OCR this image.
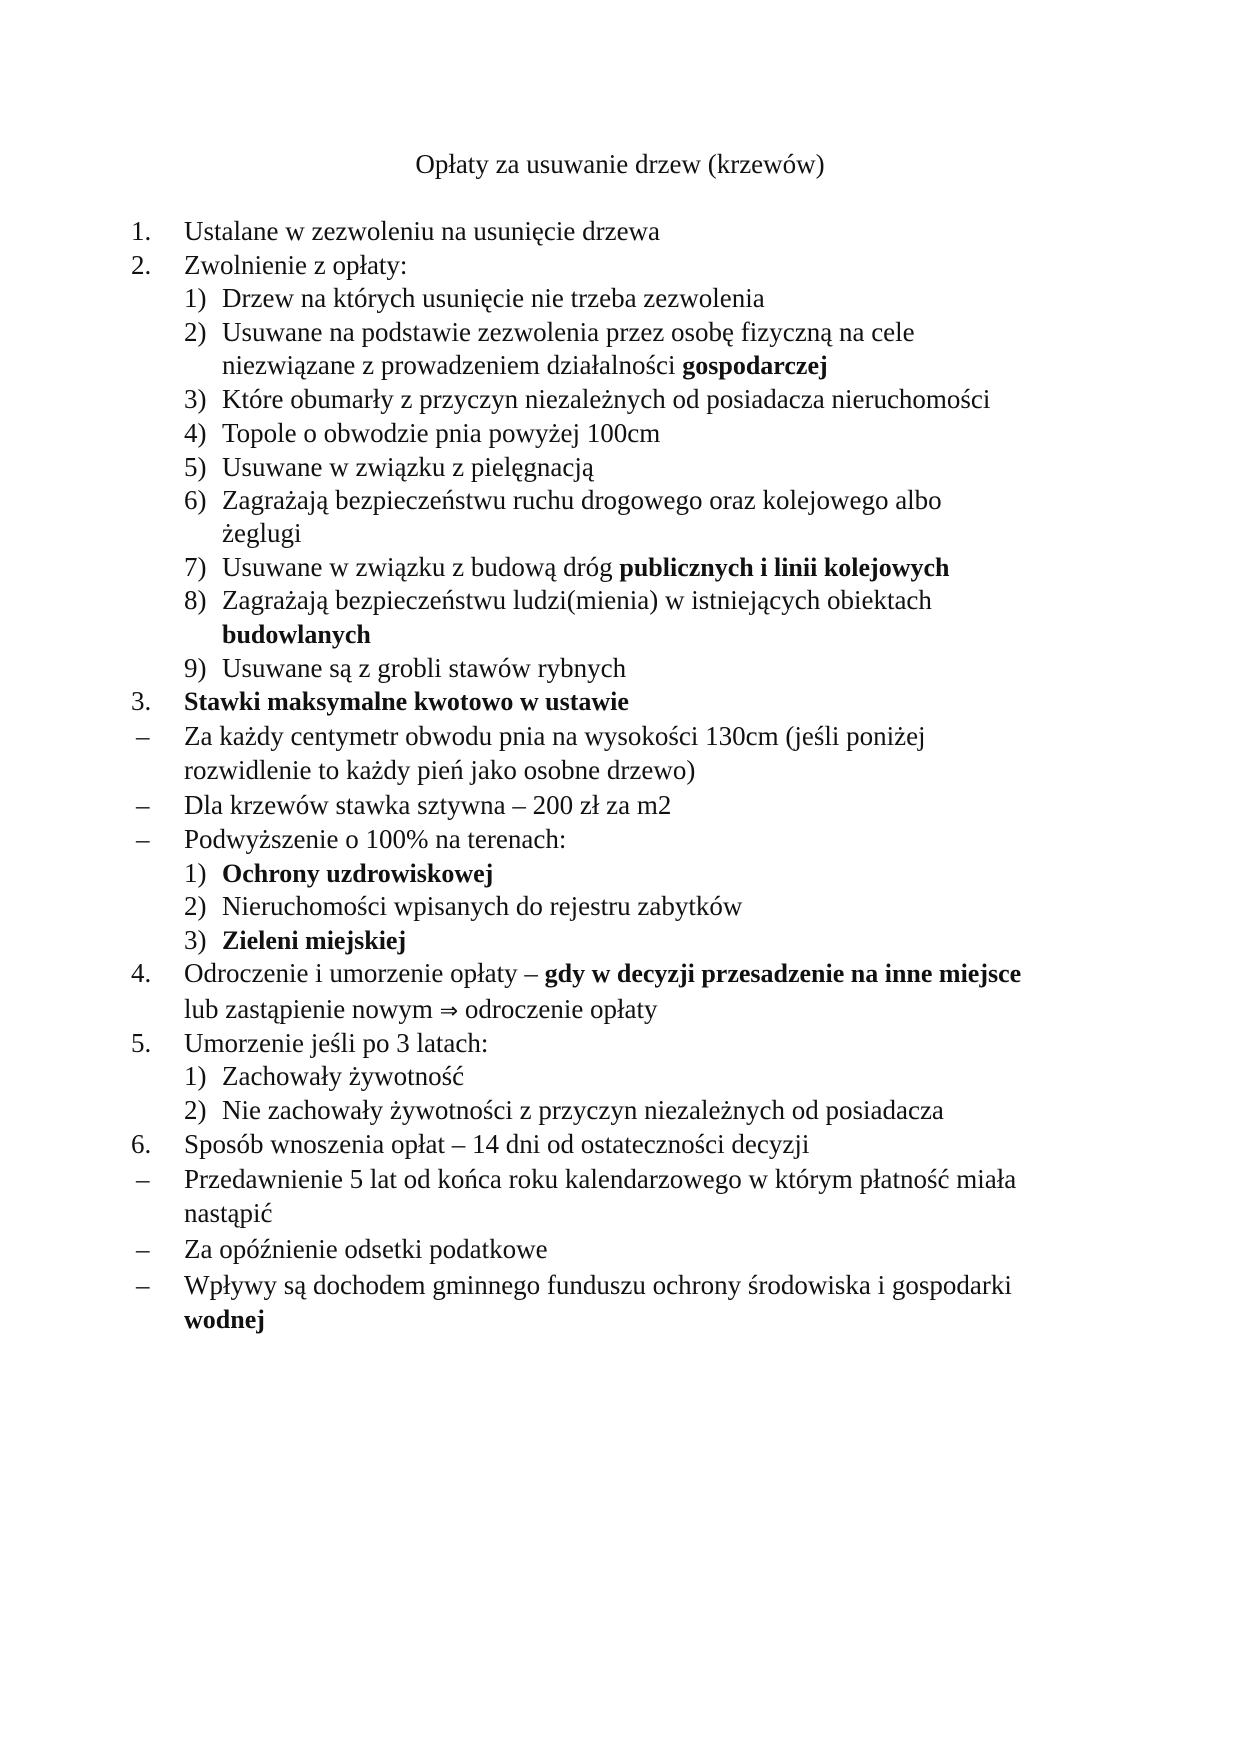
Opłaty za usuwanie drzew (krzewów)
1. Ustalane w zezwoleniu na usunięcie drzewa
2. Zwolnienie z opłaty:
1) Drzew na których usunięcie nie trzeba zezwolenia
2) Usuwane na podstawie zezwolenia przez osobę fizyczną na cele
niezwiązane z prowadzeniem działalności gospodarczej
3) Które obumarły z przyczyn niezależnych od posiadacza nieruchomości
4) Topole o obwodzie pnia powyżej 100cm
5) Usuwane w związku z pielęgnacją
6) Zagrażają bezpieczeństwu ruchu drogowego oraz kolejowego albo
żeglugi
7) Usuwane w związku z budową dróg publicznych i linii kolejowych
8) Zagrażają bezpieczeństwu ludzi(mienia) w istniejących obiektach
budowlanych
9) Usuwane są z grobli stawów rybnych
3. Stawki maksymalne kwotowo w ustawie
– Za każdy centymetr obwodu pnia na wysokości 130cm (jeśli poniżej
rozwidlenie to każdy pień jako osobne drzewo)
– Dla krzewów stawka sztywna – 200 zł za m2
– Podwyższenie o 100% na terenach:
1) Ochrony uzdrowiskowej
2) Nieruchomości wpisanych do rejestru zabytków
3) Zieleni miejskiej
4. Odroczenie i umorzenie opłaty – gdy w decyzji przesadzenie na inne miejsce
lub zastąpienie nowym ⇒ odroczenie opłaty
5. Umorzenie jeśli po 3 latach:
1) Zachowały żywotność
2) Nie zachowały żywotności z przyczyn niezależnych od posiadacza
6. Sposób wnoszenia opłat – 14 dni od ostateczności decyzji
– Przedawnienie 5 lat od końca roku kalendarzowego w którym płatność miała
nastąpić
– Za opóźnienie odsetki podatkowe
– Wpływy są dochodem gminnego funduszu ochrony środowiska i gospodarki
wodnej
